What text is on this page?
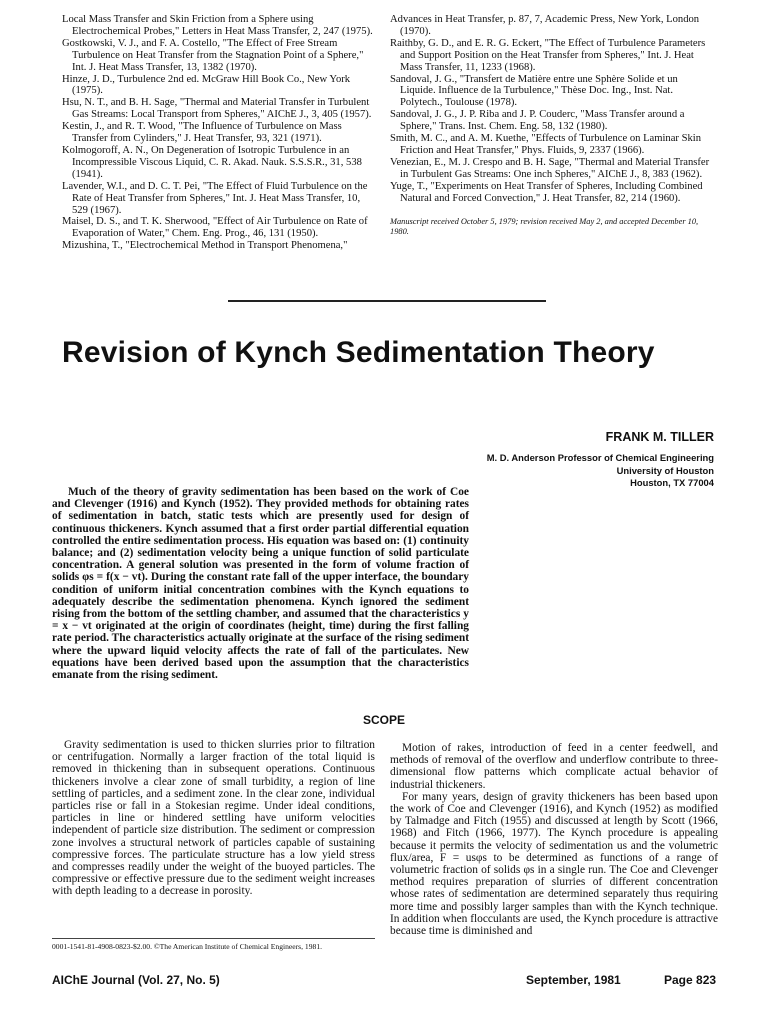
Local Mass Transfer and Skin Friction from a Sphere using Electrochemical Probes," Letters in Heat Mass Transfer, 2, 247 (1975).

Gostkowski, V. J., and F. A. Costello, "The Effect of Free Stream Turbulence on Heat Transfer from the Stagnation Point of a Sphere," Int. J. Heat Mass Transfer, 13, 1382 (1970).

Hinze, J. D., Turbulence 2nd ed. McGraw Hill Book Co., New York (1975).

Hsu, N. T., and B. H. Sage, "Thermal and Material Transfer in Turbulent Gas Streams: Local Transport from Spheres," AIChE J., 3, 405 (1957).

Kestin, J., and R. T. Wood, "The Influence of Turbulence on Mass Transfer from Cylinders," J. Heat Transfer, 93, 321 (1971).

Kolmogoroff, A. N., On Degeneration of Isotropic Turbulence in an Incompressible Viscous Liquid, C. R. Akad. Nauk. S.S.S.R., 31, 538 (1941).

Lavender, W.I., and D. C. T. Pei, "The Effect of Fluid Turbulence on the Rate of Heat Transfer from Spheres," Int. J. Heat Mass Transfer, 10, 529 (1967).

Maisel, D. S., and T. K. Sherwood, "Effect of Air Turbulence on Rate of Evaporation of Water," Chem. Eng. Prog., 46, 131 (1950).

Mizushina, T., "Electrochemical Method in Transport Phenomena,"

Advances in Heat Transfer, p. 87, 7, Academic Press, New York, London (1970).

Raithby, G. D., and E. R. G. Eckert, "The Effect of Turbulence Parameters and Support Position on the Heat Transfer from Spheres," Int. J. Heat Mass Transfer, 11, 1233 (1968).

Sandoval, J. G., "Transfert de Matière entre une Sphère Solide et un Liquide. Influence de la Turbulence," Thèse Doc. Ing., Inst. Nat. Polytech., Toulouse (1978).

Sandoval, J. G., J. P. Riba and J. P. Couderc, "Mass Transfer around a Sphere," Trans. Inst. Chem. Eng. 58, 132 (1980).

Smith, M. C., and A. M. Kuethe, "Effects of Turbulence on Laminar Skin Friction and Heat Transfer," Phys. Fluids, 9, 2337 (1966).

Venezian, E., M. J. Crespo and B. H. Sage, "Thermal and Material Transfer in Turbulent Gas Streams: One inch Spheres," AIChE J., 8, 383 (1962).

Yuge, T., "Experiments on Heat Transfer of Spheres, Including Combined Natural and Forced Convection," J. Heat Transfer, 82, 214 (1960).

Manuscript received October 5, 1979; revision received May 2, and accepted December 10, 1980.

Revision of Kynch Sedimentation Theory
FRANK M. TILLER
M. D. Anderson Professor of Chemical Engineering
University of Houston
Houston, TX 77004

Much of the theory of gravity sedimentation has been based on the work of Coe and Clevenger (1916) and Kynch (1952). They provided methods for obtaining rates of sedimentation in batch, static tests which are presently used for design of continuous thickeners. Kynch assumed that a first order partial differential equation controlled the entire sedimentation process. His equation was based on: (1) continuity balance; and (2) sedimentation velocity being a unique function of solid particulate concentration. A general solution was presented in the form of volume fraction of solids φs = f(x − vt). During the constant rate fall of the upper interface, the boundary condition of uniform initial concentration combines with the Kynch equations to adequately describe the sedimentation phenomena. Kynch ignored the sediment rising from the bottom of the settling chamber, and assumed that the characteristics y = x − vt originated at the origin of coordinates (height, time) during the first falling rate period. The characteristics actually originate at the surface of the rising sediment where the upward liquid velocity affects the rate of fall of the particulates. New equations have been derived based upon the assumption that the characteristics emanate from the rising sediment.

SCOPE

Gravity sedimentation is used to thicken slurries prior to filtration or centrifugation. Normally a larger fraction of the total liquid is removed in thickening than in subsequent operations. Continuous thickeners involve a clear zone of small turbidity, a region of line settling of particles, and a sediment zone. In the clear zone, individual particles rise or fall in a Stokesian regime. Under ideal conditions, particles in line or hindered settling have uniform velocities independent of particle size distribution. The sediment or compression zone involves a structural network of particles capable of sustaining compressive forces. The particulate structure has a low yield stress and compresses readily under the weight of the buoyed particles. The compressive or effective pressure due to the sediment weight increases with depth leading to a decrease in porosity.

Motion of rakes, introduction of feed in a center feedwell, and methods of removal of the overflow and underflow contribute to three-dimensional flow patterns which complicate actual behavior of industrial thickeners.

For many years, design of gravity thickeners has been based upon the work of Coe and Clevenger (1916), and Kynch (1952) as modified by Talmadge and Fitch (1955) and discussed at length by Scott (1966, 1968) and Fitch (1966, 1977). The Kynch procedure is appealing because it permits the velocity of sedimentation us and the volumetric flux/area, F = usφs to be determined as functions of a range of volumetric fraction of solids φs in a single run. The Coe and Clevenger method requires preparation of slurries of different concentration whose rates of sedimentation are determined separately thus requiring more time and possibly larger samples than with the Kynch technique. In addition when flocculants are used, the Kynch procedure is attractive because time is diminished and

0001-1541-81-4908-0823-$2.00. ©The American Institute of Chemical Engineers, 1981.
AIChE Journal (Vol. 27, No. 5)	September, 1981	Page 823
